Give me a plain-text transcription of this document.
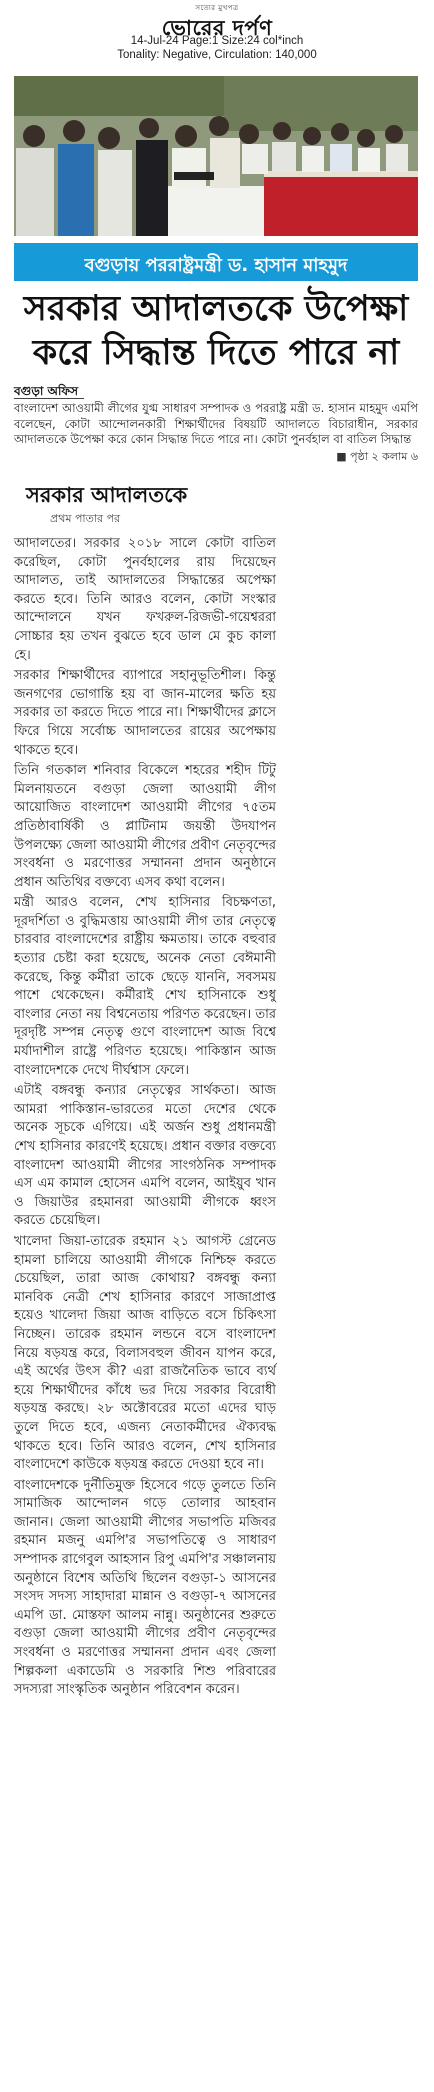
সত্যের মুখপত্র
ভোরের দর্পণ
14-Jul-24 Page:1 Size:24 col*inch
Tonality: Negative, Circulation: 140,000
বগুড়ায় পররাষ্ট্রমন্ত্রী ড. হাসান মাহমুদ
সরকার আদালতকে উপেক্ষা করে সিদ্ধান্ত দিতে পারে না
বগুড়া অফিস
বাংলাদেশ আওয়ামী লীগের যুগ্ম সাধারণ সম্পাদক ও পররাষ্ট্র মন্ত্রী ড. হাসান মাহমুদ এমপি বলেছেন, কোটা আন্দোলনকারী শিক্ষার্থীদের বিষয়টি আদালতে বিচারাধীন, সরকার আদালতকে উপেক্ষা করে কোন সিদ্ধান্ত দিতে পারে না। কোটা পুনর্বহাল বা বাতিল সিদ্ধান্ত
■ পৃষ্ঠা ২ কলাম ৬
সরকার আদালতকে
প্রথম পাতার পর

আদালতের। সরকার ২০১৮ সালে কোটা বাতিল করেছিল, কোটা পুনর্বহালের রায় দিয়েছেন আদালত, তাই আদালতের সিদ্ধান্তের অপেক্ষা করতে হবে। তিনি আরও বলেন, কোটা সংস্কার আন্দোলনে যখন ফখরুল-রিজভী-গয়েশ্বররা সোচ্চার হয় তখন বুঝতে হবে ডাল মে কুচ কালা হে।

সরকার শিক্ষার্থীদের ব্যাপারে সহানুভূতিশীল। কিন্তু জনগণের ভোগান্তি হয় বা জান-মালের ক্ষতি হয় সরকার তা করতে দিতে পারে না। শিক্ষার্থীদের ক্লাসে ফিরে গিয়ে সর্বোচ্চ আদালতের রায়ের অপেক্ষায় থাকতে হবে।

তিনি গতকাল শনিবার বিকেলে শহরের শহীদ টিটু মিলনায়তনে বগুড়া জেলা আওয়ামী লীগ আয়োজিত বাংলাদেশ আওয়ামী লীগের ৭৫তম প্রতিষ্ঠাবার্ষিকী ও প্লাটিনাম জয়ন্তী উদযাপন উপলক্ষ্যে জেলা আওয়ামী লীগের প্রবীণ নেতৃবৃন্দের সংবর্ধনা ও মরণোত্তর সম্মাননা প্রদান অনুষ্ঠানে প্রধান অতিথির বক্তব্যে এসব কথা বলেন।

মন্ত্রী আরও বলেন, শেখ হাসিনার বিচক্ষণতা, দূরদর্শিতা ও বুদ্ধিমত্তায় আওয়ামী লীগ তার নেতৃত্বে চারবার বাংলাদেশের রাষ্ট্রীয় ক্ষমতায়। তাকে বহুবার হত্যার চেষ্টা করা হয়েছে, অনেক নেতা বেঈমানী করেছে, কিন্তু কর্মীরা তাকে ছেড়ে যাননি, সবসময় পাশে থেকেছেন। কর্মীরাই শেখ হাসিনাকে শুধু বাংলার নেতা নয় বিশ্বনেতায় পরিণত করেছেন। তার দূরদৃষ্টি সম্পন্ন নেতৃত্ব গুণে বাংলাদেশ আজ বিশ্বে মর্যাদাশীল রাষ্ট্রে পরিণত হয়েছে। পাকিস্তান আজ বাংলাদেশকে দেখে দীর্ঘশ্বাস ফেলে।

এটাই বঙ্গবন্ধু কন্যার নেতৃত্বের সার্থকতা। আজ আমরা পাকিস্তান-ভারতের মতো দেশের থেকে অনেক সূচকে এগিয়ে। এই অর্জন শুধু প্রধানমন্ত্রী শেখ হাসিনার কারণেই হয়েছে। প্রধান বক্তার বক্তব্যে বাংলাদেশ আওয়ামী লীগের সাংগঠনিক সম্পাদক এস এম কামাল হোসেন এমপি বলেন, আইয়ুব খান ও জিয়াউর রহমানরা আওয়ামী লীগকে ধ্বংস করতে চেয়েছিল।

খালেদা জিয়া-তারেক রহমান ২১ আগস্ট গ্রেনেড হামলা চালিয়ে আওয়ামী লীগকে নিশ্চিহ্ন করতে চেয়েছিল, তারা আজ কোথায়? বঙ্গবন্ধু কন্যা মানবিক নেত্রী শেখ হাসিনার কারণে সাজাপ্রাপ্ত হয়েও খালেদা জিয়া আজ বাড়িতে বসে চিকিৎসা নিচ্ছেন। তারেক রহমান লন্ডনে বসে বাংলাদেশ নিয়ে ষড়যন্ত্র করে, বিলাসবহুল জীবন যাপন করে, এই অর্থের উৎস কী? এরা রাজনৈতিক ভাবে ব্যর্থ হয়ে শিক্ষার্থীদের কাঁধে ভর দিয়ে সরকার বিরোধী ষড়যন্ত্র করছে। ২৮ অক্টোবরের মতো এদের ঘাড় তুলে দিতে হবে, এজন্য নেতাকর্মীদের ঐক্যবদ্ধ থাকতে হবে। তিনি আরও বলেন, শেখ হাসিনার বাংলাদেশে কাউকে ষড়যন্ত্র করতে দেওয়া হবে না।

বাংলাদেশকে দুর্নীতিমুক্ত হিসেবে গড়ে তুলতে তিনি সামাজিক আন্দোলন গড়ে তোলার আহবান জানান। জেলা আওয়ামী লীগের সভাপতি মজিবর রহমান মজনু এমপি'র সভাপতিত্বে ও সাধারণ সম্পাদক রাগেবুল আহসান রিপু এমপি'র সঞ্চালনায় অনুষ্ঠানে বিশেষ অতিথি ছিলেন বগুড়া-১ আসনের সংসদ সদস্য সাহাদারা মান্নান ও বগুড়া-৭ আসনের এমপি ডা. মোস্তফা আলম নান্নু। অনুষ্ঠানের শুরুতে বগুড়া জেলা আওয়ামী লীগের প্রবীণ নেতৃবৃন্দের সংবর্ধনা ও মরণোত্তর সম্মাননা প্রদান এবং জেলা শিল্পকলা একাডেমি ও সরকারি শিশু পরিবারের সদস্যরা সাংস্কৃতিক অনুষ্ঠান পরিবেশন করেন।
